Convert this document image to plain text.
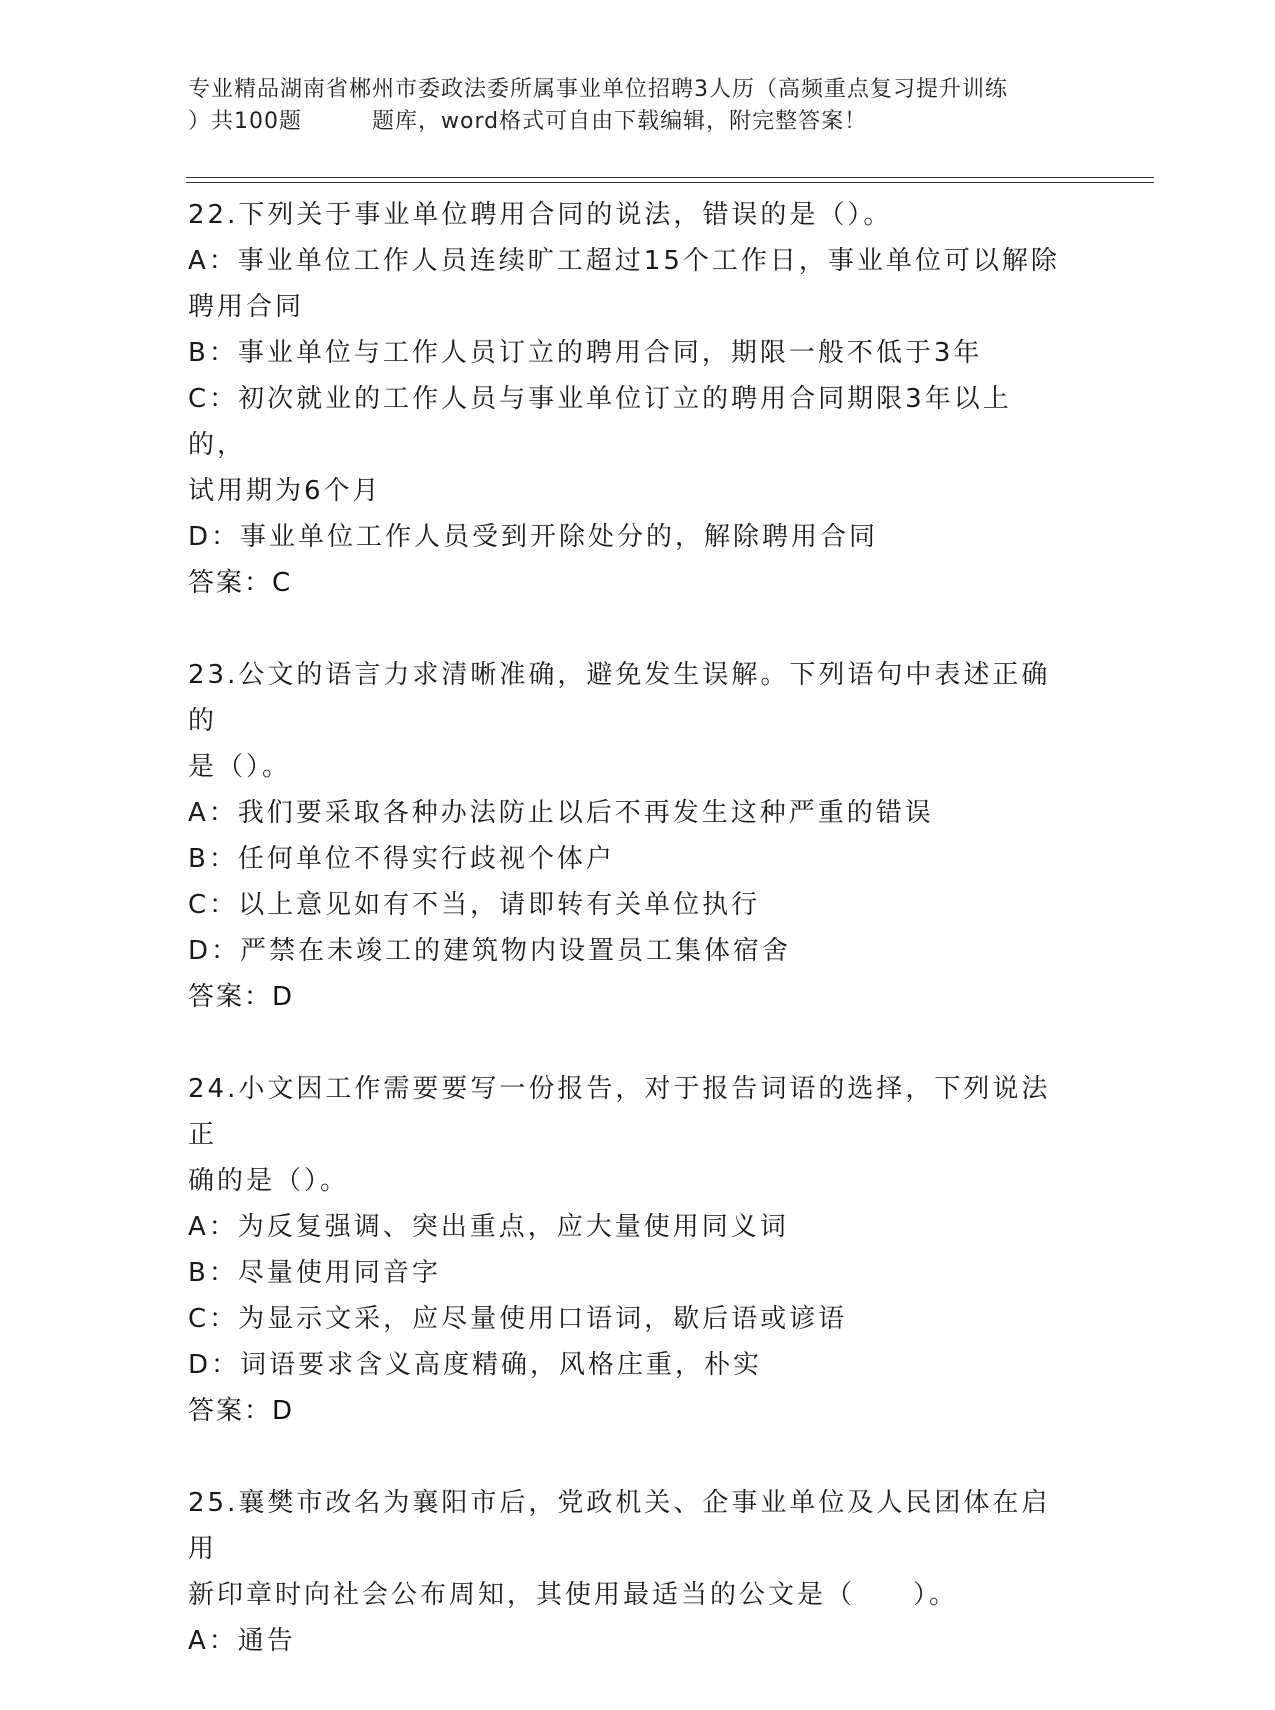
专业精品湖南省郴州市委政法委所属事业单位招聘3人历（高频重点复习提升训练
）共100题	题库，word格式可自由下载编辑，附完整答案！

22.下列关于事业单位聘用合同的说法，错误的是（）。

A：事业单位工作人员连续旷工超过15个工作日，事业单位可以解除
聘用合同

B：事业单位与工作人员订立的聘用合同，期限一般不低于3年

C：初次就业的工作人员与事业单位订立的聘用合同期限3年以上的，
试用期为6个月

D：事业单位工作人员受到开除处分的，解除聘用合同

答案：C

23.公文的语言力求清晰准确，避免发生误解。下列语句中表述正确的
是（）。

A：我们要采取各种办法防止以后不再发生这种严重的错误

B：任何单位不得实行歧视个体户

C：以上意见如有不当，请即转有关单位执行

D：严禁在未竣工的建筑物内设置员工集体宿舍

答案：D

24.小文因工作需要要写一份报告，对于报告词语的选择，下列说法正
确的是（）。

A：为反复强调、突出重点，应大量使用同义词

B：尽量使用同音字

C：为显示文采，应尽量使用口语词，歇后语或谚语

D：词语要求含义高度精确，风格庄重，朴实

答案：D

25.襄樊市改名为襄阳市后，党政机关、企事业单位及人民团体在启用
新印章时向社会公布周知，其使用最适当的公文是（　　）。

A：通告
